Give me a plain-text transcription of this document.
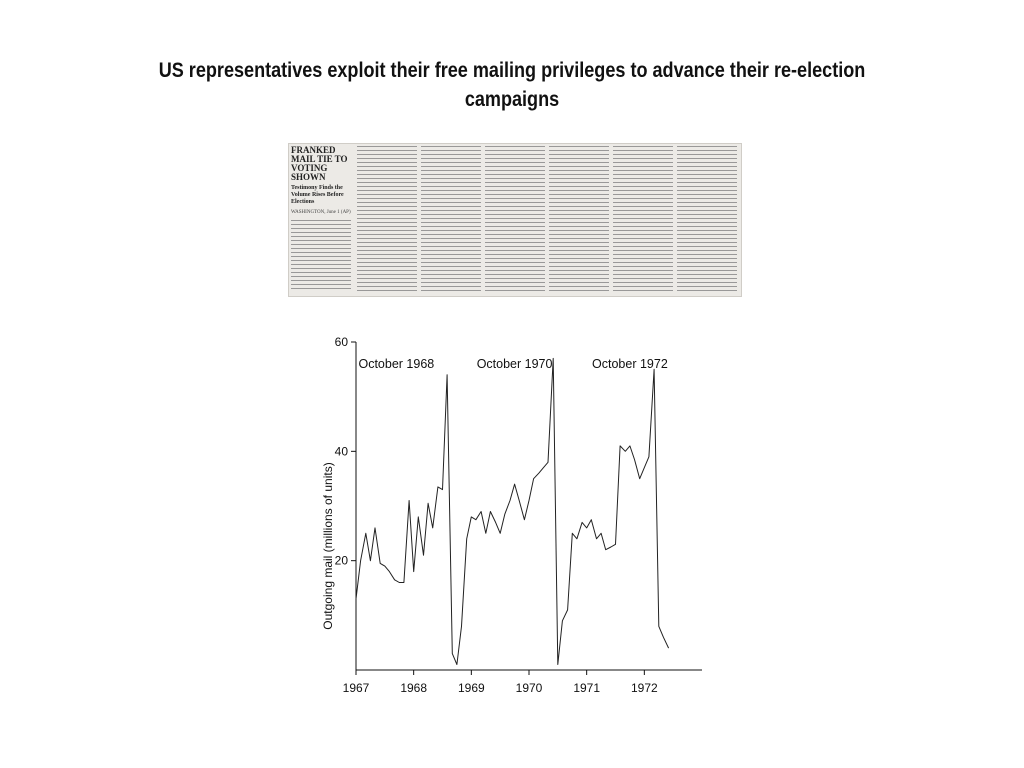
US representatives exploit their free mailing privileges to advance their re-election campaigns
FRANKED MAIL TIE TO VOTING SHOWN
Testimony Finds the Volume Rises Before Elections
WASHINGTON, June 1 (AP)
20
40
60
1967	1968	1969	1970	1971	1972
Outgoing mail (millions of units)
October 1968	October 1970	October 1972
